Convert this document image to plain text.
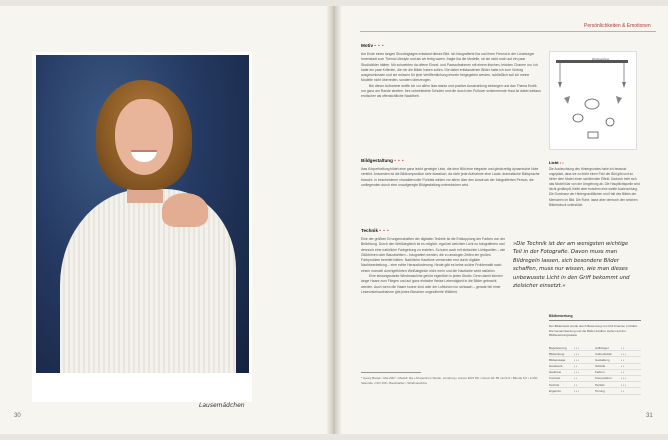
Lausemädchen
30
Persönlichkeiten & Emotionen
Motiv • • •
Am Ende eines langen Shootingtages entstand dieses Bild. Ich fotografierte Ika und ihren Freund in der Lüneburger Innenstadt zum Thema Lifestyle und als wir fertig waren, fragte Ika die Modelle, ob sie nicht noch auf ein paar Studiobilder hätten. Mir schwebten da offene Einzel- und Paaraufnahmen mit einem frischen, leichten Charme vor. Ich hatte ein paar Kriterien, die mir die Bilder haben sollen. Die dabei entstandenen Bilder habe ich zum Vortrag ausgeschlossen und sie müssen für jede Veröffentlichung einzeln freigegeben werden, schließlich soll ich meine Modelle nicht überreden, sondern überzeugen.
Bei dieser Aufnahme wollte ich vor allem Ikas starke und positive Ausstrahlung einfangen und das Thema Erotik nur ganz am Rande streifen. Ihre unbekleidete Schulter und die durch den Pullover schimmernde Haut ist dabei weitaus erotischer als offensichtliche Nacktheit.
Bildgestaltung • • •
Ikas Körperhaltung bildet eine ganz leicht geneigte Linie, die dem Bild eine elegante und gleichzeitig dynamische Note verleiht. Ansonsten ist die Bildkomposition sehr klassisch, da nicht jede Aufnahme eine Laute, dramatische Bildsprache braucht. In bescheidener charaktervoller Porträts wirken vor allem über den Ausdruck der fotografierten Person, die umliegenden durch eine unaufgeregte Bildgestaltung unterstrichen wird.
Technik • • •
Eine der größten Errungenschaften der digitalen Technik ist die Entkopplung der Farben von der Belichtung. Durch den Weißabgleich ist es möglich, egal bei welchem Licht zu fotografieren und dennoch eine natürliche Farbgebung zu erzielen. So kann auch mit einfachen Lichtquellen – wie Glühbirnen oder Baustrahlern – fotografiert werden, die zu analogen Zeiten ein großes Farbproblem bereitet hätten. Natürliche Hauttöne verwenden erst durch digitale Nachbearbeitung – eine echte Herausforderung. Heute gibt es keine solche Problematik nach einem manuell durchgeführten Weißabgleich nicht mehr und die Hautfarbe wirkt natürlich.
Eine leistungsstarke Windmaschine gehört eigentlich in jedes Studio. Denn damit können lange Haare zum Fliegen und auf ganz einfache Weise Lebendigkeit in die Bilder gebracht werden. Auch wenn die Haare kurzer sind oder der Luftstrom nur schwach – gerade bei einer Lesevinkelnaufnahme gibt jedes Bisschen ungezähmte Wildheit.
* Georg Banek • Mai 2007 • Modell: Ika • Artspectrum Studio, Lüneburg • Canon EOS 5D • Canon EF 85 mm/1:8 • Blende 5,0 • 1/160 Sekunde • ISO 100 • Baustrahler • Windmaschine
Windmaschine
Licht • •
Die Ausleuchtung des Hintergrundes habe ich bewusst ungeplant, dass sie zu leicht einen Fehl der Bild gibt und so hinter dem Model einen schillernden Effekt. Dadurch hebt sich das Modell klar von der Umgebung ab. Die Hauptlichtquelle wird leicht gedämpft, bleibt aber trotzdem eine sanfte Ausleuchtung. Die Dominanz der Hintergrundflächen und Halt des Bildes der Menschen im Bild. Die Ruhe, lasse aber dennoch den weichen Bildeindruck unterstützt.
»Die Technik ist der am wenigsten wichtige Teil in der Fotografie. Davon muss man Bildregeln lassen, sich besondere Bilder schaffen, muss nur wissen, wie man dieses unbewusste Licht in den Griff bekommt und zielsicher einsetzt.«
Bildbewertung
Der Bildeinsatz wurde durch Bewertung von fünf Kriterien ermittelt. Die Gesamtwertung und die Bilder darüber stehen auf der Bildbewertungsskala.
Begeisterung • • •	Aufhänger	• •
Bildwirkung	• • •	Authentizität	• • •
Bildaussage	• • •	Gestaltung	• •
Handwerk	• •	Schärfe	• •
Hauttöne	• • •	Farben	• •
Kontrast	• •	Komposition	• • •
Technik	• •	Perfekt	• • •
Ergebnis	• • •	Tonung	• •
31
